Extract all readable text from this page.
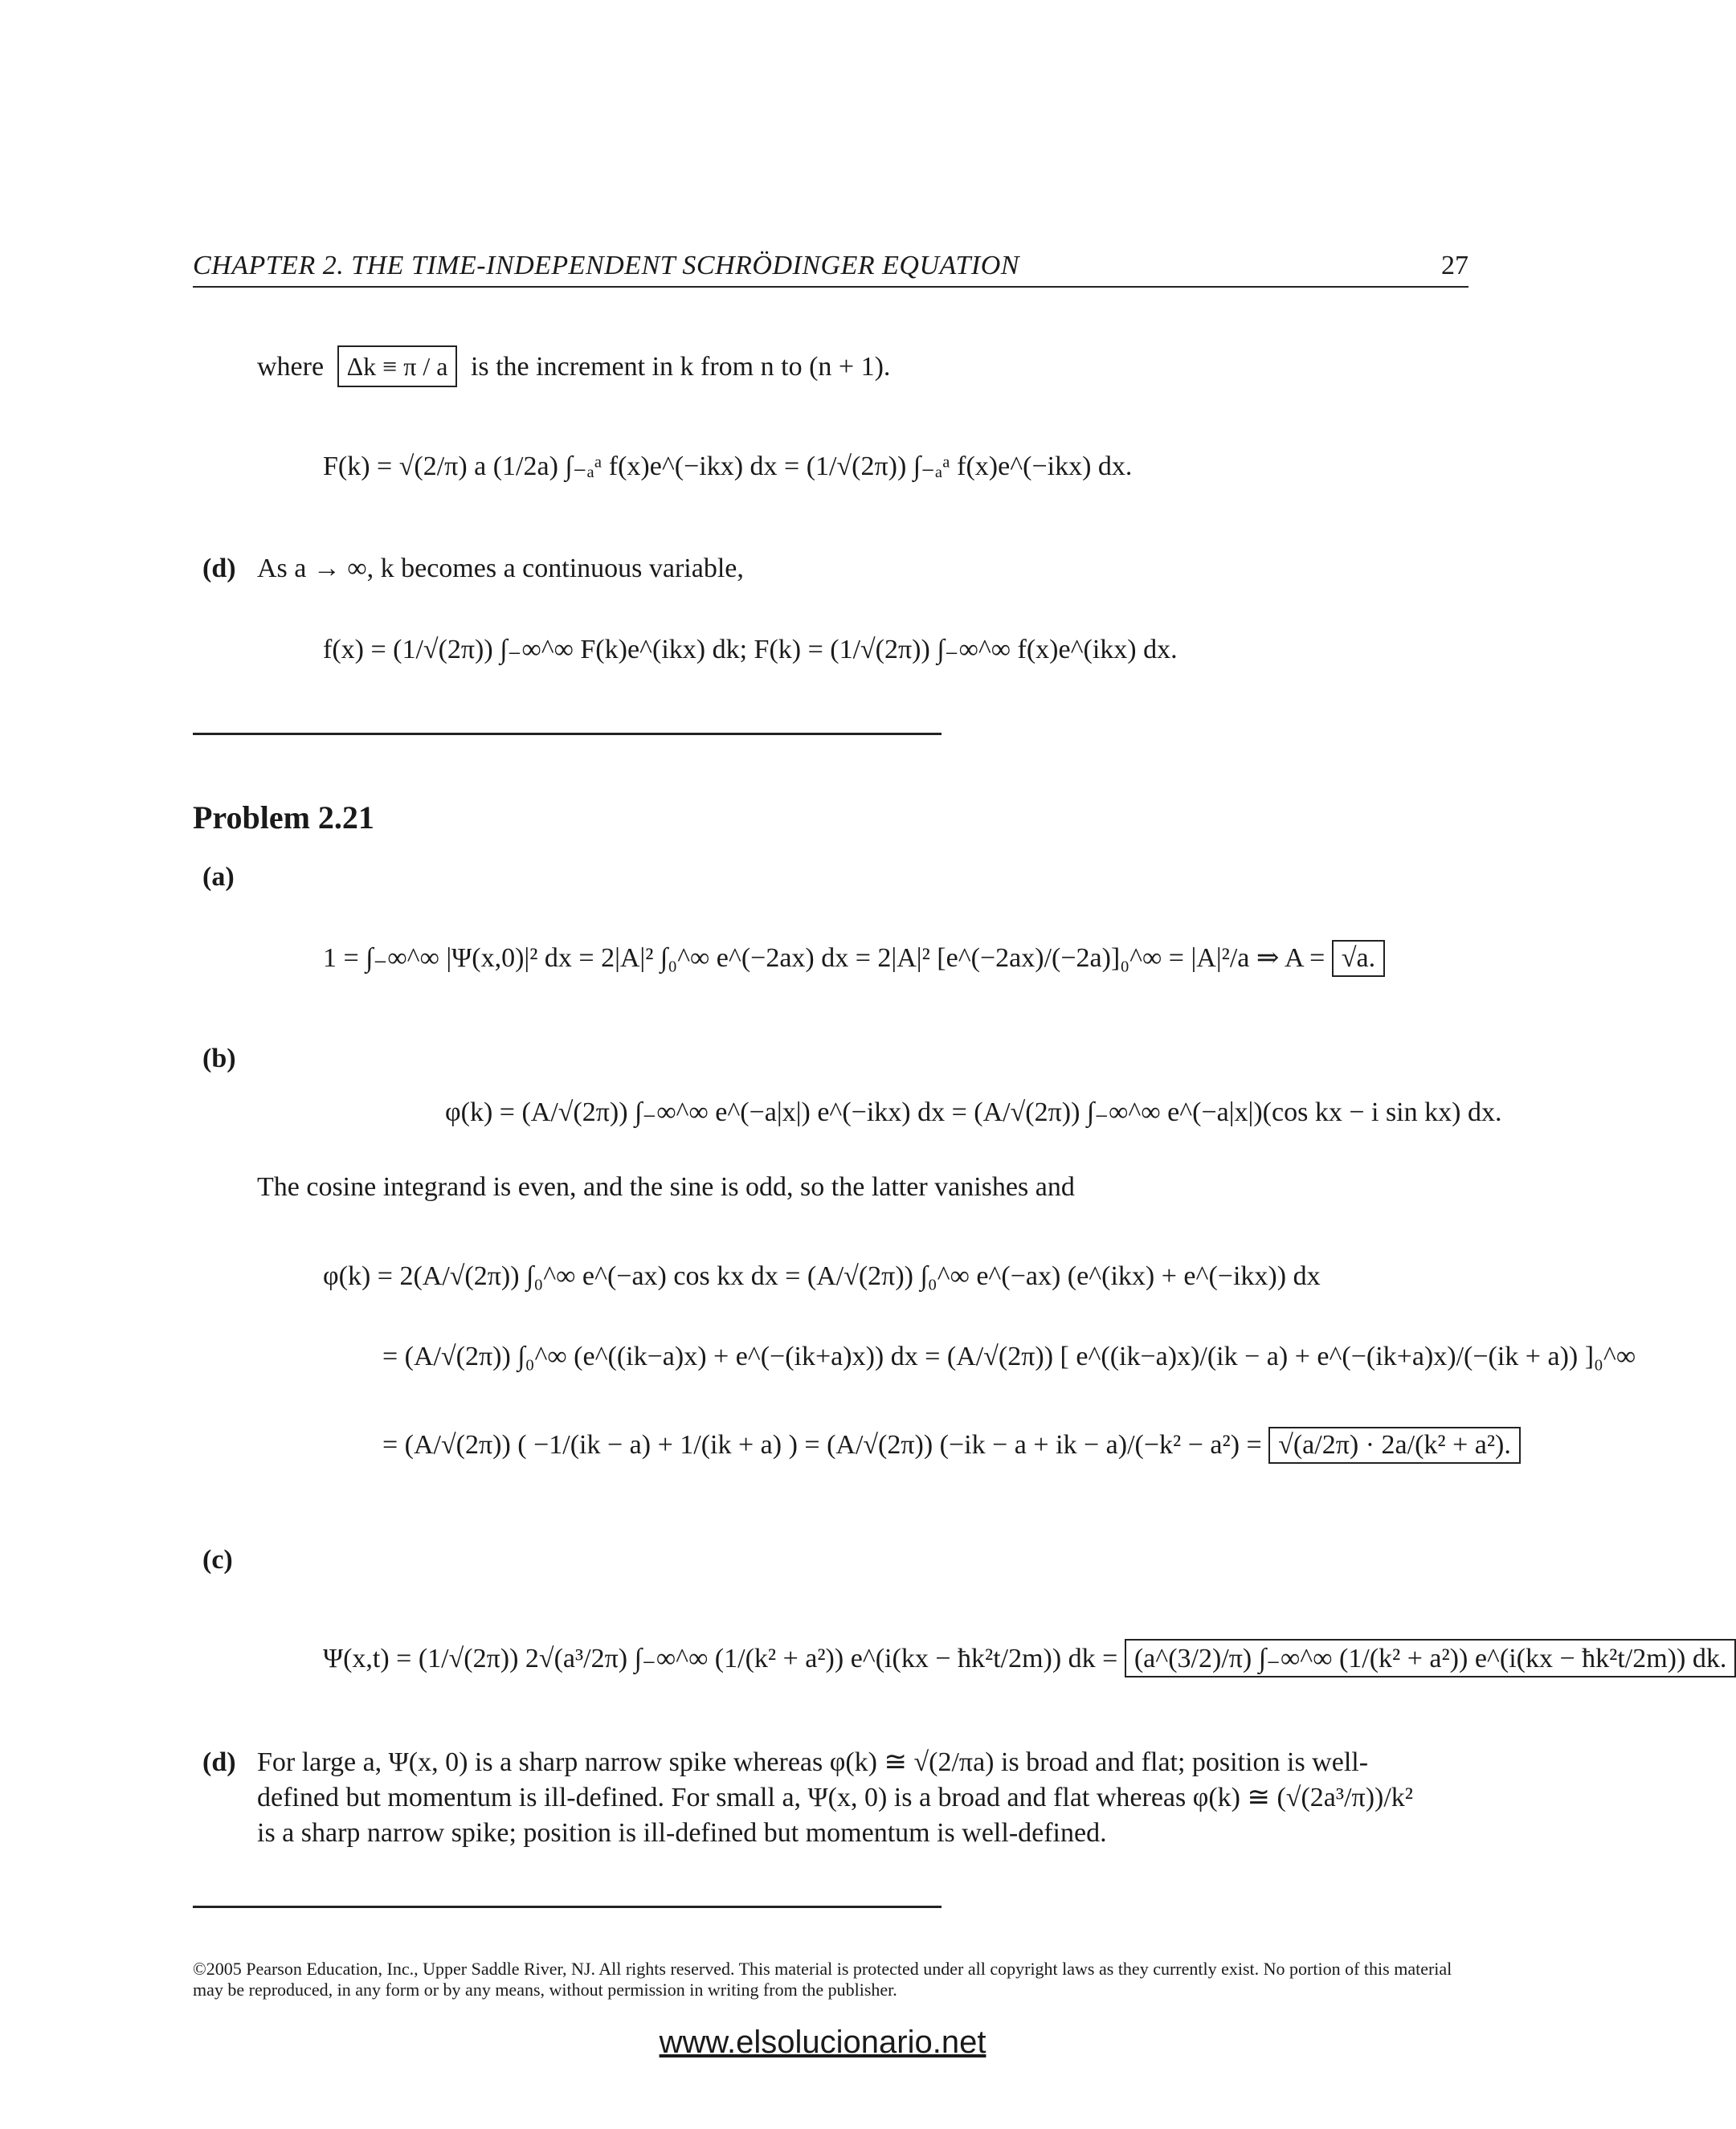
CHAPTER 2. THE TIME-INDEPENDENT SCHRÖDINGER EQUATION	27
where Δk ≡ π / a is the increment in k from n to (n + 1).
F(k) = √(2/π) a (1/2a) ∫₋ₐᵃ f(x)e^(−ikx) dx = (1/√(2π)) ∫₋ₐᵃ f(x)e^(−ikx) dx.
(d) As a → ∞, k becomes a continuous variable,
f(x) = (1/√(2π)) ∫₋∞^∞ F(k)e^(ikx) dk; F(k) = (1/√(2π)) ∫₋∞^∞ f(x)e^(ikx) dx.
Problem 2.21
(a)
1 = ∫₋∞^∞ |Ψ(x,0)|² dx = 2|A|² ∫₀^∞ e^(−2ax) dx = 2|A|² [e^(−2ax)/(−2a)]₀^∞ = |A|²/a ⇒ A = √a.
(b)
φ(k) = (A/√(2π)) ∫₋∞^∞ e^(−a|x|) e^(−ikx) dx = (A/√(2π)) ∫₋∞^∞ e^(−a|x|)(cos kx − i sin kx) dx.
The cosine integrand is even, and the sine is odd, so the latter vanishes and
φ(k) = 2(A/√(2π)) ∫₀^∞ e^(−ax) cos kx dx = (A/√(2π)) ∫₀^∞ e^(−ax) (e^(ikx) + e^(−ikx)) dx
= (A/√(2π)) ∫₀^∞ (e^((ik−a)x) + e^(−(ik+a)x)) dx = (A/√(2π)) [ e^((ik−a)x)/(ik − a) + e^(−(ik+a)x)/(−(ik + a)) ]₀^∞
= (A/√(2π)) ( −1/(ik − a) + 1/(ik + a) ) = (A/√(2π)) (−ik − a + ik − a)/(−k² − a²) = √(a/2π) · 2a/(k² + a²).
(c)
Ψ(x,t) = (1/√(2π)) 2√(a³/2π) ∫₋∞^∞ (1/(k² + a²)) e^(i(kx − ħk²t/2m)) dk = (a^(3/2)/π) ∫₋∞^∞ (1/(k² + a²)) e^(i(kx − ħk²t/2m)) dk.
(d) For large a, Ψ(x, 0) is a sharp narrow spike whereas φ(k) ≅ √(2/πa) is broad and flat; position is well-
defined but momentum is ill-defined. For small a, Ψ(x, 0) is a broad and flat whereas φ(k) ≅ (√(2a³/π))/k²
is a sharp narrow spike; position is ill-defined but momentum is well-defined.
©2005 Pearson Education, Inc., Upper Saddle River, NJ. All rights reserved. This material is protected under all copyright laws as they currently exist. No portion of this material may be reproduced, in any form or by any means, without permission in writing from the publisher.
www.elsolucionario.net
